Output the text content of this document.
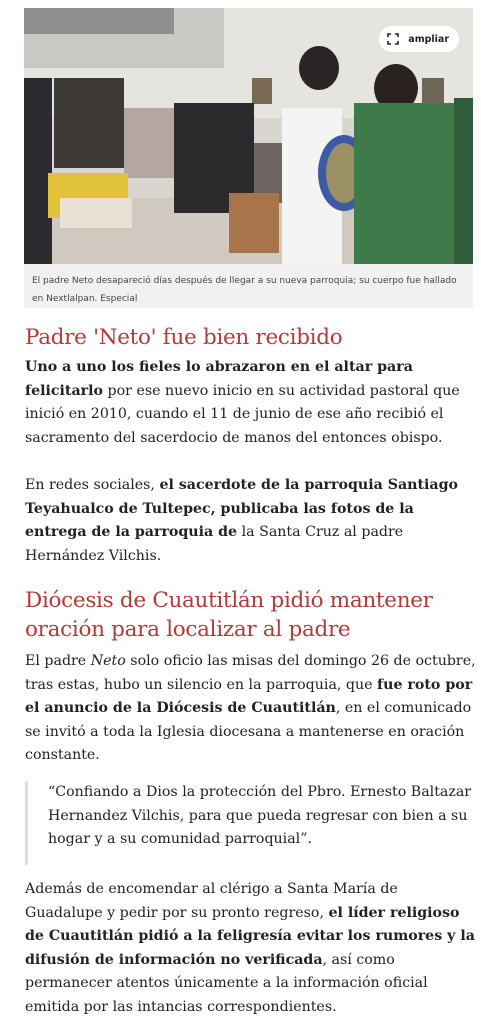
ampliar
El padre Neto desapareció días después de llegar a su nueva parroquia; su cuerpo fue hallado en Nextlalpan. Especial
Padre 'Neto' fue bien recibido
Uno a uno los fieles lo abrazaron en el altar para felicitarlo por ese nuevo inicio en su actividad pastoral que inició en 2010, cuando el 11 de junio de ese año recibió el sacramento del sacerdocio de manos del entonces obispo.
En redes sociales, el sacerdote de la parroquia Santiago Teyahualco de Tultepec, publicaba las fotos de la entrega de la parroquia de la Santa Cruz al padre Hernández Vilchis.
Diócesis de Cuautitlán pidió mantener oración para localizar al padre
El padre Neto solo oficio las misas del domingo 26 de octubre, tras estas, hubo un silencio en la parroquia, que fue roto por el anuncio de la Diócesis de Cuautitlán, en el comunicado se invitó a toda la Iglesia diocesana a mantenerse en oración constante.
“Confiando a Dios la protección del Pbro. Ernesto Baltazar Hernandez Vilchis, para que pueda regresar con bien a su hogar y a su comunidad parroquial”.
Además de encomendar al clérigo a Santa María de Guadalupe y pedir por su pronto regreso, el líder religioso de Cuautitlán pidió a la feligresía evitar los rumores y la difusión de información no verificada, así como permanecer atentos únicamente a la información oficial emitida por las intancias correspondientes.
